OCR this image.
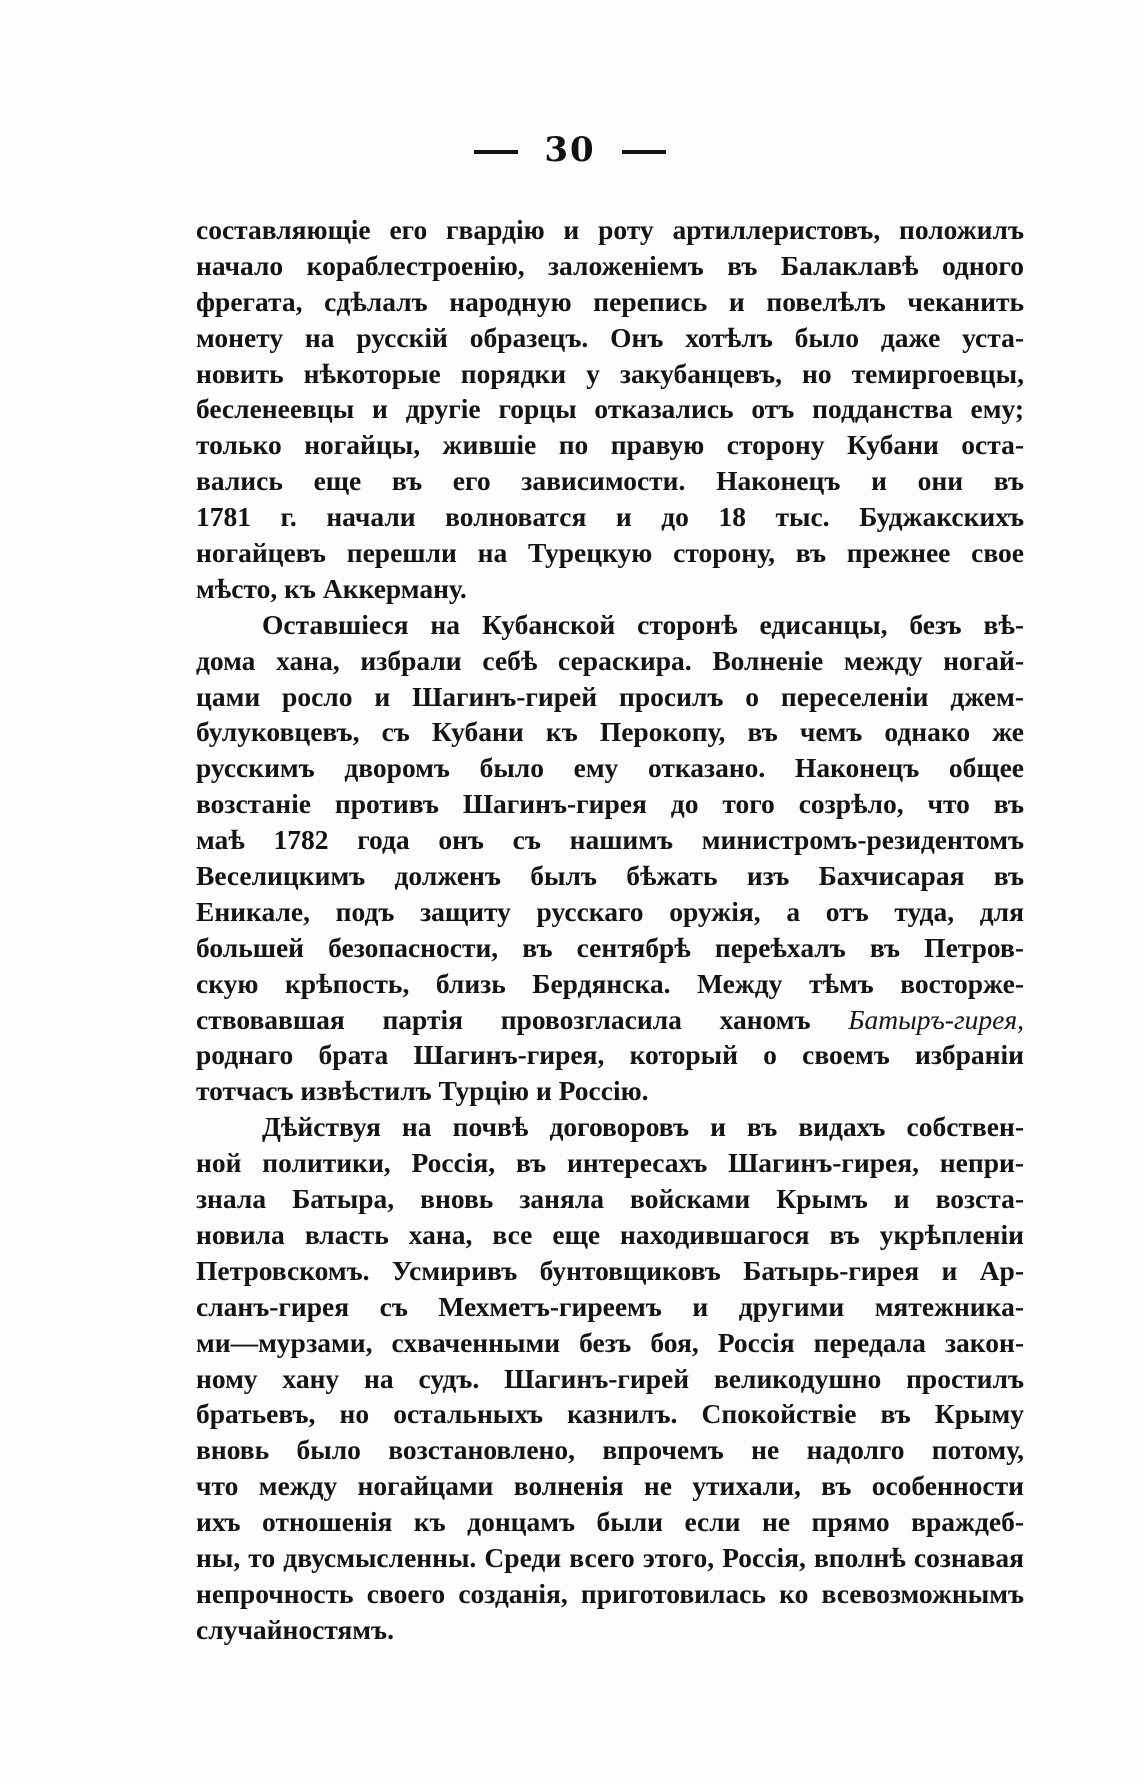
30
составляющіе его гвардію и роту артиллеристовъ, положилъ
начало кораблестроенію, заложеніемъ въ Балаклавѣ одного
фрегата, сдѣлалъ народную перепись и повелѣлъ чеканить
монету на русскій образецъ. Онъ хотѣлъ было даже уста-
новить нѣкоторые порядки у закубанцевъ, но темиргоевцы,
бесленеевцы и другіе горцы отказались отъ подданства ему;
только ногайцы, жившіе по правую сторону Кубани оста-
вались еще въ его зависимости. Наконецъ и они въ
1781 г. начали волноватся и до 18 тыс. Буджакскихъ
ногайцевъ перешли на Турецкую сторону, въ прежнее свое
мѣсто, къ Аккерману.
Оставшіеся на Кубанской сторонѣ едисанцы, безъ вѣ-
дома хана, избрали себѣ сераскира. Волненіе между ногай-
цами росло и Шагинъ-гирей просилъ о переселеніи джем-
булуковцевъ, съ Кубани къ Перокопу, въ чемъ однако же
русскимъ дворомъ было ему отказано. Наконецъ общее
возстаніе противъ Шагинъ-гирея до того созрѣло, что въ
маѣ 1782 года онъ съ нашимъ министромъ-резидентомъ
Веселицкимъ долженъ былъ бѣжать изъ Бахчисарая въ
Еникале, подъ защиту русскаго оружія, а отъ туда, для
большей безопасности, въ сентябрѣ переѣхалъ въ Петров-
скую крѣпость, близь Бердянска. Между тѣмъ восторже-
ствовавшая партія провозгласила ханомъ Батыръ-гирея,
роднаго брата Шагинъ-гирея, который о своемъ избраніи
тотчасъ извѣстилъ Турцію и Россію.
Дѣйствуя на почвѣ договоровъ и въ видахъ собствен-
ной политики, Россія, въ интересахъ Шагинъ-гирея, непри-
знала Батыра, вновь заняла войсками Крымъ и возста-
новила власть хана, все еще находившагося въ укрѣпленіи
Петровскомъ. Усмиривъ бунтовщиковъ Батырь-гирея и Ар-
сланъ-гирея съ Мехметъ-гиреемъ и другими мятежника-
ми—мурзами, схваченными безъ боя, Россія передала закон-
ному хану на судъ. Шагинъ-гирей великодушно простилъ
братьевъ, но остальныхъ казнилъ. Спокойствіе въ Крыму
вновь было возстановлено, впрочемъ не надолго потому,
что между ногайцами волненія не утихали, въ особенности
ихъ отношенія къ донцамъ были если не прямо враждеб-
ны, то двусмысленны. Среди всего этого, Россія, вполнѣ сознавая
непрочность своего созданія, приготовилась ко всевозможнымъ
случайностямъ.
